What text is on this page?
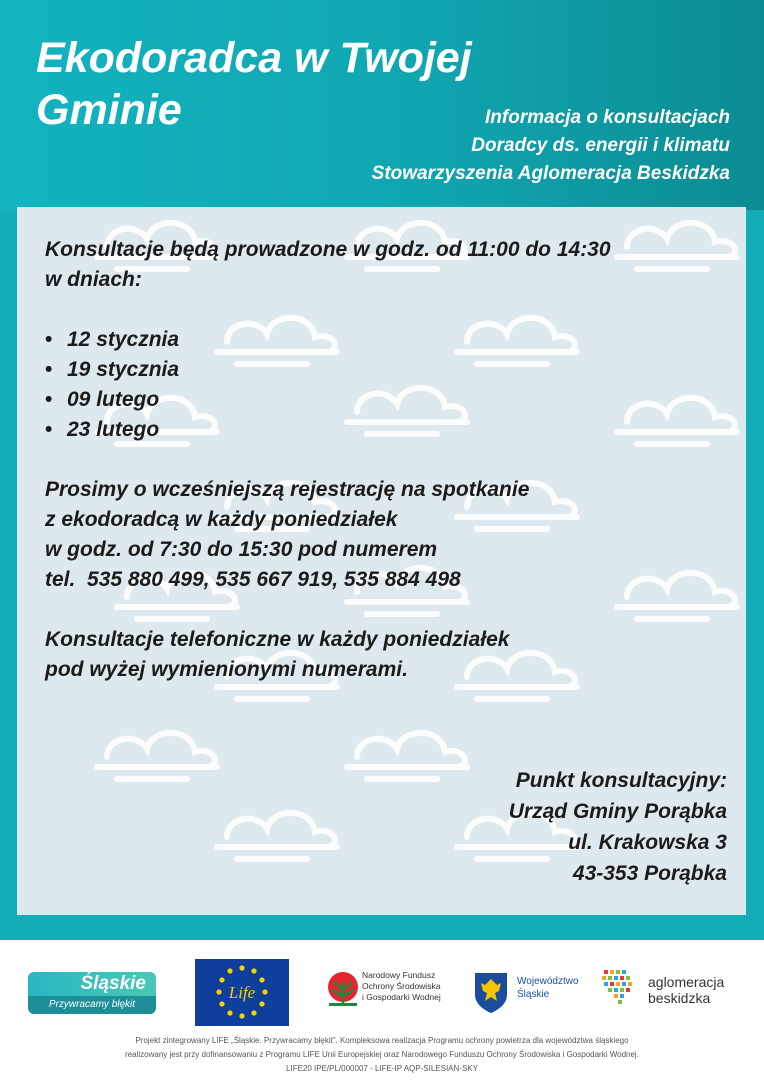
Ekodoradca w Twojej
Gminie	Informacja o konsultacjach
Doradcy ds. energii i klimatu
Stowarzyszenia Aglomeracja Beskidzka
Konsultacje będą prowadzone w godz. od 11:00 do 14:30
w dniach:
• 12 stycznia
• 19 stycznia
• 09 lutego
• 23 lutego
Prosimy o wcześniejszą rejestrację na spotkanie
z ekodoradcą w każdy poniedziałek
w godz. od 7:30 do 15:30 pod numerem
tel.  535 880 499, 535 667 919, 535 884 498
Konsultacje telefoniczne w każdy poniedziałek
pod wyżej wymienionymi numerami.
Punkt konsultacyjny:
Urząd Gminy Porąbka
ul. Krakowska 3
43-353 Porąbka
Śląskie
Przywracamy błękit
Life
Narodowy Fundusz
Ochrony Środowiska
i Gospodarki Wodnej
Województwo
Śląskie
aglomeracja
beskidzka
Projekt zintegrowany LIFE „Śląskie. Przywracamy błękit”. Kompleksowa realizacja Programu ochrony powietrza dla województwa śląskiego
realizowany jest przy dofinansowaniu z Programu LIFE Unii Europejskiej oraz Narodowego Funduszu Ochrony Środowiska i Gospodarki Wodnej.
LIFE20 IPE/PL/000007 - LIFE-IP AQP-SILESIAN-SKY
